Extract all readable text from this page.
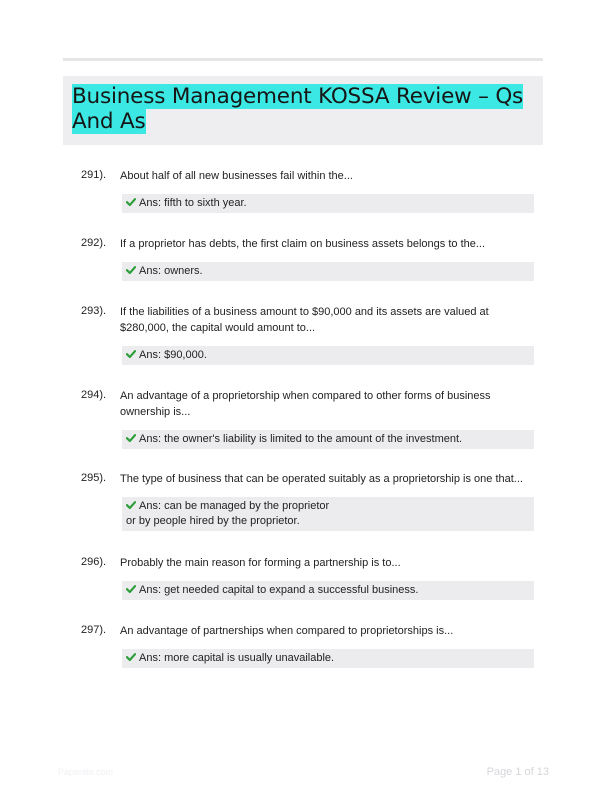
Business Management KOSSA Review – Qs And As
291). About half of all new businesses fail within the...
Ans: fifth to sixth year.
292). If a proprietor has debts, the first claim on business assets belongs to the...
Ans: owners.
293). If the liabilities of a business amount to $90,000 and its assets are valued at $280,000, the capital would amount to...
Ans: $90,000.
294). An advantage of a proprietorship when compared to other forms of business ownership is...
Ans: the owner's liability is limited to the amount of the investment.
295). The type of business that can be operated suitably as a proprietorship is one that...
Ans: can be managed by the proprietor
or by people hired by the proprietor.
296). Probably the main reason for forming a partnership is to...
Ans: get needed capital to expand a successful business.
297). An advantage of partnerships when compared to proprietorships is...
Ans: more capital is usually unavailable.
Paperlibr.com	Page 1 of 13
